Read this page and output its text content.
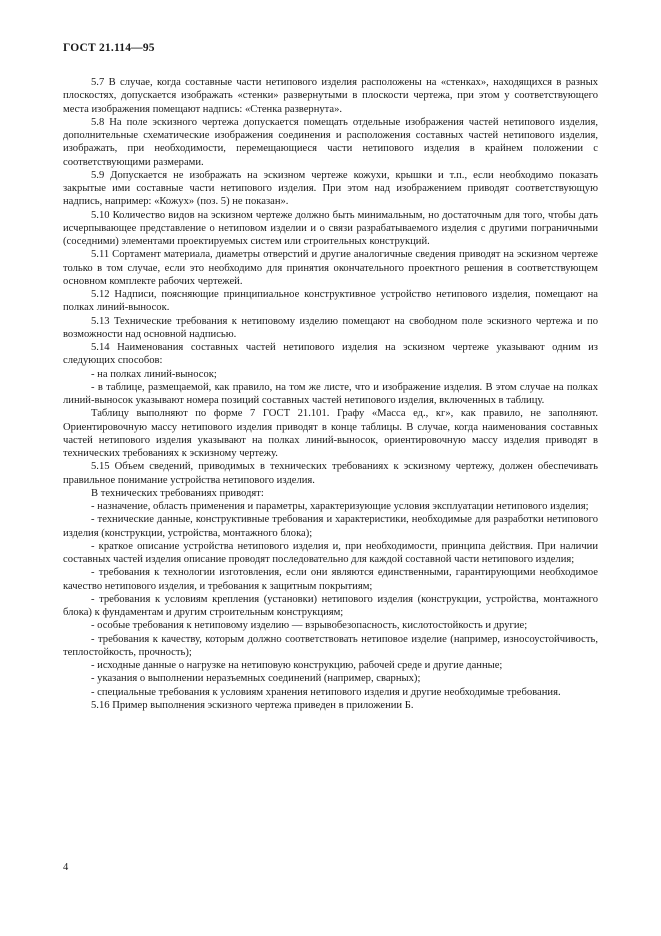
ГОСТ 21.114—95

5.7 В случае, когда составные части нетипового изделия расположены на «стенках», находящихся в разных плоскостях, допускается изображать «стенки» развернутыми в плоскости чертежа, при этом у соответствующего места изображения помещают надпись: «Стенка развернута».

5.8 На поле эскизного чертежа допускается помещать отдельные изображения частей нетипового изделия, дополнительные схематические изображения соединения и расположения составных частей нетипового изделия, изображать, при необходимости, перемещающиеся части нетипового изделия в крайнем положении с соответствующими размерами.

5.9 Допускается не изображать на эскизном чертеже кожухи, крышки и т.п., если необходимо показать закрытые ими составные части нетипового изделия. При этом над изображением приводят соответствующую надпись, например: «Кожух» (поз. 5) не показан».

5.10 Количество видов на эскизном чертеже должно быть минимальным, но достаточным для того, чтобы дать исчерпывающее представление о нетиповом изделии и о связи разрабатываемого изделия с другими пограничными (соседними) элементами проектируемых систем или строительных конструкций.

5.11 Сортамент материала, диаметры отверстий и другие аналогичные сведения приводят на эскизном чертеже только в том случае, если это необходимо для принятия окончательного проектного решения в соответствующем основном комплекте рабочих чертежей.

5.12 Надписи, поясняющие принципиальное конструктивное устройство нетипового изделия, помещают на полках линий-выносок.

5.13 Технические требования к нетиповому изделию помещают на свободном поле эскизного чертежа и по возможности над основной надписью.

5.14 Наименования составных частей нетипового изделия на эскизном чертеже указывают одним из следующих способов:

- на полках линий-выносок;

- в таблице, размещаемой, как правило, на том же листе, что и изображение изделия. В этом случае на полках линий-выносок указывают номера позиций составных частей нетипового изделия, включенных в таблицу.

Таблицу выполняют по форме 7 ГОСТ 21.101. Графу «Масса ед., кг», как правило, не заполняют. Ориентировочную массу нетипового изделия приводят в конце таблицы. В случае, когда наименования составных частей нетипового изделия указывают на полках линий-выносок, ориентировочную массу изделия приводят в технических требованиях к эскизному чертежу.

5.15 Объем сведений, приводимых в технических требованиях к эскизному чертежу, должен обеспечивать правильное понимание устройства нетипового изделия.

В технических требованиях приводят:

- назначение, область применения и параметры, характеризующие условия эксплуатации нетипового изделия;

- технические данные, конструктивные требования и характеристики, необходимые для разработки нетипового изделия (конструкции, устройства, монтажного блока);

- краткое описание устройства нетипового изделия и, при необходимости, принципа действия. При наличии составных частей изделия описание проводят последовательно для каждой составной части нетипового изделия;

- требования к технологии изготовления, если они являются единственными, гарантирующими необходимое качество нетипового изделия, и требования к защитным покрытиям;

- требования к условиям крепления (установки) нетипового изделия (конструкции, устройства, монтажного блока) к фундаментам и другим строительным конструкциям;

- особые требования к нетиповому изделию — взрывобезопасность, кислотостойкость и другие;

- требования к качеству, которым должно соответствовать нетиповое изделие (например, износоустойчивость, теплостойкость, прочность);

- исходные данные о нагрузке на нетиповую конструкцию, рабочей среде и другие данные;

- указания о выполнении неразъемных соединений (например, сварных);

- специальные требования к условиям хранения нетипового изделия и другие необходимые требования.

5.16 Пример выполнения эскизного чертежа приведен в приложении Б.

4
